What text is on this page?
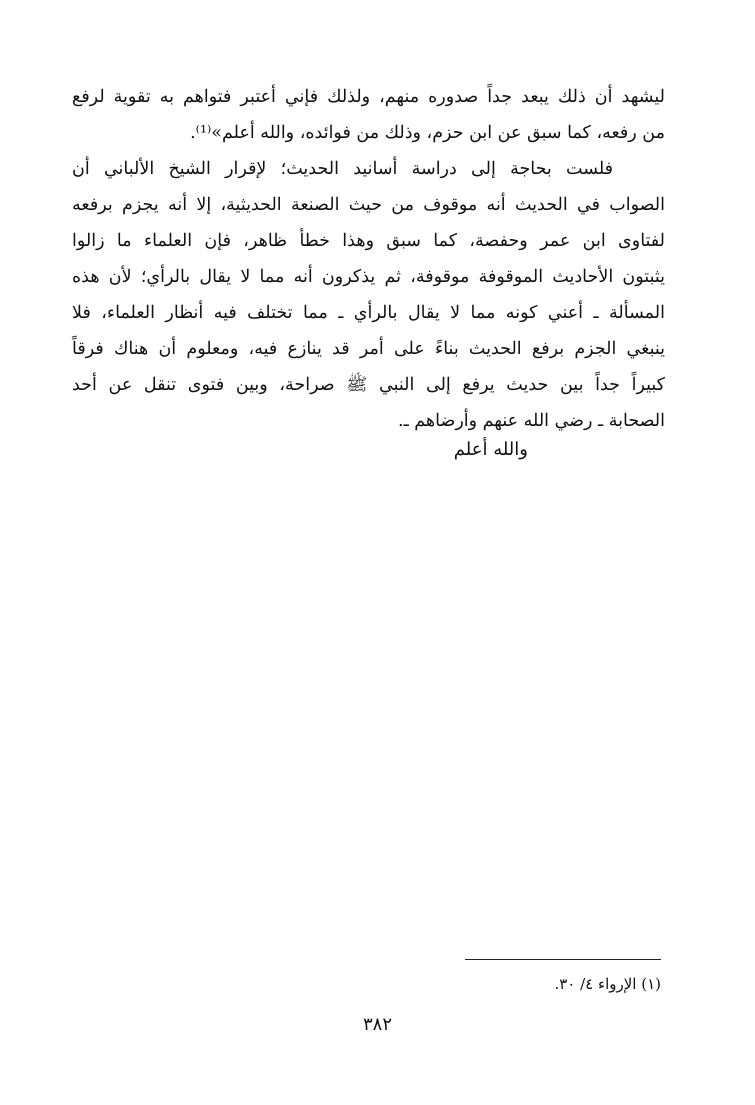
ليشهد أن ذلك يبعد جداً صدوره منهم، ولذلك فإني أعتبر فتواهم به تقوية لرفع
من رفعه، كما سبق عن ابن حزم، وذلك من فوائده، والله أعلم»⁽¹⁾.
فلست بحاجة إلى دراسة أسانيد الحديث؛ لإقرار الشيخ الألباني أن
الصواب في الحديث أنه موقوف من حيث الصنعة الحديثية، إلا أنه يجزم برفعه
لفتاوى ابن عمر وحفصة، كما سبق وهذا خطأ ظاهر، فإن العلماء ما زالوا
يثبتون الأحاديث الموقوفة موقوفة، ثم يذكرون أنه مما لا يقال بالرأي؛ لأن هذه
المسألة ـ أعني كونه مما لا يقال بالرأي ـ مما تختلف فيه أنظار العلماء، فلا
ينبغي الجزم برفع الحديث بناءً على أمر قد ينازع فيه، ومعلوم أن هناك فرقاً
كبيراً جداً بين حديث يرفع إلى النبي ﷺ صراحة، وبين فتوى تنقل عن أحد
الصحابة ـ رضي الله عنهم وأرضاهم ـ.
والله أعلم
(١) الإرواء ٤/ ٣٠.
٣٨٢
